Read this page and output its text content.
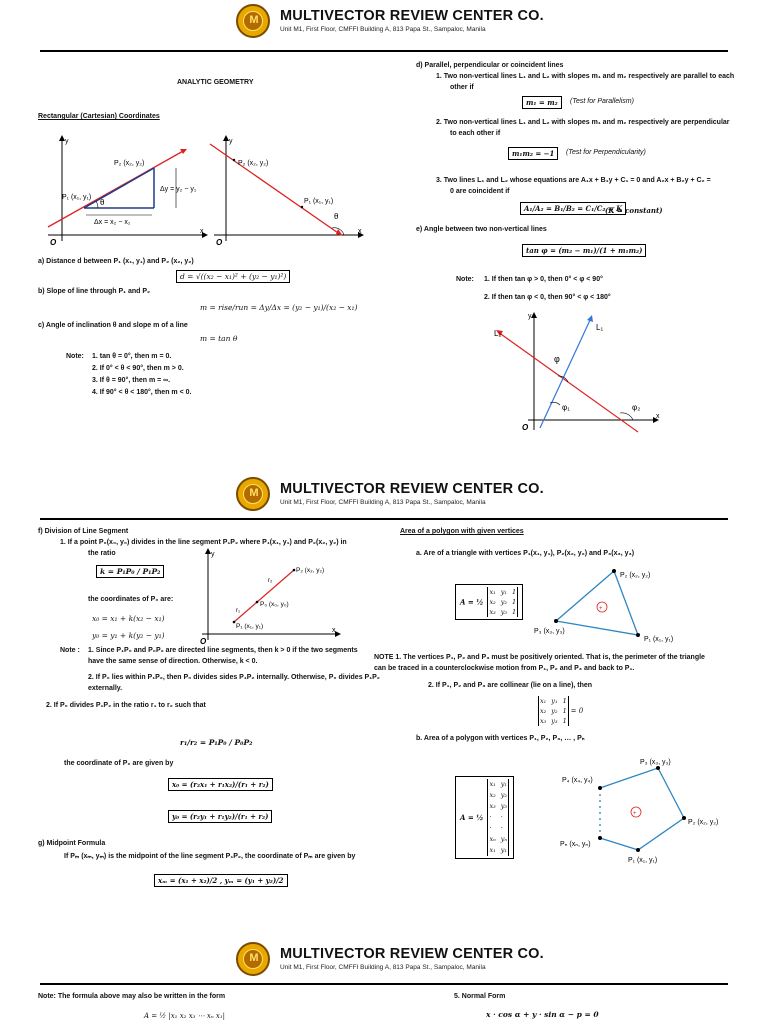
M	MULTIVECTOR REVIEW CENTER CO.
Unit M1, First Floor, CMFFI Building A, 813 Papa St., Sampaloc, Manila
ANALYTIC GEOMETRY
Rectangular (Cartesian) Coordinates
P₂ (x₂, y₂)
P₁ (x₁, y₁)
Δy = y₂ − y₁
Δx = x₂ − x₁
θ
x
y
O
P₂ (x₂, y₂)
P₁ (x₁, y₁)
θ
x
y
O
a) Distance d between P₁ (x₁, y₁) and P₂ (x₂, y₂)
d = √((x₂ − x₁)² + (y₂ − y₁)²)
b) Slope of line through P₁ and P₂
m = rise/run = Δy/Δx = (y₂ − y₁)/(x₂ − x₁)
c) Angle of inclination θ and slope m of a line
m = tan θ
Note: 1. tan θ = 0°, then m = 0.
2. If 0° < θ < 90°, then m > 0.
3. If θ = 90°, then m = ∞.
4. If 90° < θ < 180°, then m < 0.
d) Parallel, perpendicular or coincident lines
1. Two non-vertical lines L₁ and L₂ with slopes m₁ and m₂ respectively are parallel to each
other if
m₁ = m₂	(Test for Parallelism)
2. Two non-vertical lines L₁ and L₂ with slopes m₁ and m₂ respectively are perpendicular
to each other if
m₁m₂ = −1	(Test for Perpendicularity)
3. Two lines L₁ and L₂ whose equations are A₁x + B₁y + C₁ = 0 and A₂x + B₂y + C₂ =
0 are coincident if
A₁/A₂ = B₁/B₂ = C₁/C₂ = K
(K = constant)
e) Angle between two non-vertical lines
tan φ = (m₂ − m₁)/(1 + m₁m₂)
Note: 1. If then tan φ > 0, then 0° < φ < 90°
2. If then tan φ < 0, then 90° < φ < 180°
L₁
L₂
φ
φ₁	φ₂
x
y
O
M	MULTIVECTOR REVIEW CENTER CO.
Unit M1, First Floor, CMFFI Building A, 813 Papa St., Sampaloc, Manila
f) Division of Line Segment
1. If a point P₀(x₀, y₀) divides in the line segment P₁P₂ where P₁(x₁, y₁) and P₂(x₂, y₂) in
the ratio
k = P₁P₀ / P₁P₂
the coordinates of P₀ are:
x₀ = x₁ + k(x₂ − x₁)
y₀ = y₁ + k(y₂ − y₁)
P₂ (x₂, y₂)
P₀ (x₀, y₀)
P₁ (x₁, y₁)
r₁
r₂
x
y
O
Note : 1. Since P₁P₀ and P₀P₂ are directed line segments, then k > 0 if the two segments
have the same sense of direction. Otherwise, k < 0.
2. If P₀ lies within P₁P₂, then P₀ divides sides P₁P₂ internally. Otherwise, P₀ divides P₁P₂
externally.
2. If P₀ divides P₁P₂ in the ratio r₁ to r₂ such that
r₁/r₂ = P₁P₀ / P₀P₂
the coordinate of P₀ are given by
x₀ = (r₂x₁ + r₁x₂)/(r₁ + r₂)
y₀ = (r₂y₁ + r₁y₂)/(r₁ + r₂)
g) Midpoint Formula
If Pₘ (xₘ, yₘ) is the midpoint of the line segment P₁P₂, the coordinate of Pₘ are given by
xₘ = (x₁ + x₂)/2 , yₘ = (y₁ + y₂)/2
Area of a polygon with given vertices
a. Are of a triangle with vertices P₁(x₁, y₁), P₂(x₂, y₂) and P₃(x₃, y₃)
A = ½ x₁	y₁	1
x₂	y₂	1
x₃	y₃	1	+
P₂ (x₂, y₂)
P₃ (x₃, y₃)
P₁ (x₁, y₁)
NOTE 1. The vertices P₁, P₂ and P₃ must be positively oriented. That is, the perimeter of the triangle
can be traced in a counterclockwise motion from P₁, P₂ and P₃ and back to P₁.
2. If P₁, P₂ and P₃ are collinear (lie on a line), then
x₁	y₁	1
x₂	y₂	1
x₃	y₃	1 = 0
b. Area of a polygon with vertices P₁, P₂, P₃, … , Pₙ
A = ½ x₁	y₁
x₂	y₂
x₃	y₃
·	·
·	·
xₙ	yₙ
x₁	y₁
+
P₃ (x₃, y₃)
P₄ (x₄, y₄)
P₂ (x₂, y₂)
Pₙ (xₙ, yₙ)
P₁ (x₁, y₁)
M	MULTIVECTOR REVIEW CENTER CO.
Unit M1, First Floor, CMFFI Building A, 813 Papa St., Sampaloc, Manila
Note: The formula above may also be written in the form
A = ½ |x₁ x₂ x₃ ⋯ xₙ x₁|
5. Normal Form
x · cos α + y · sin α − p = 0
